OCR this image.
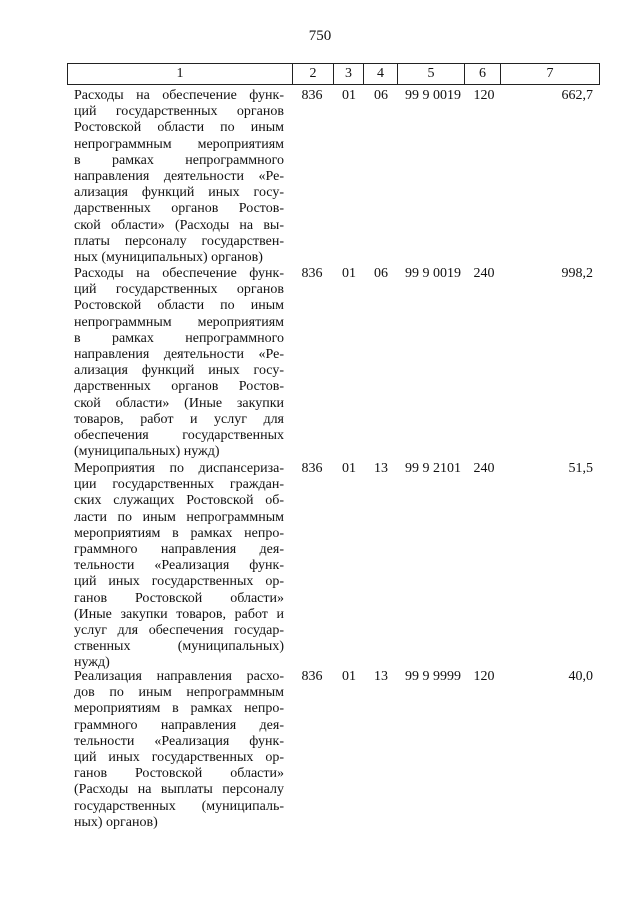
750
1	2	3	4	5	6	7
Расходы на обеспечение функ-
ций государственных органов
Ростовской области по иным
непрограммным мероприятиям
в рамках непрограммного
направления деятельности «Ре-
ализация функций иных госу-
дарственных органов Ростов-
ской области» (Расходы на вы-
платы персоналу государствен-
ных (муниципальных) органов)
836	01	06	99 9 0019 120	662,7
Расходы на обеспечение функ-
ций государственных органов
Ростовской области по иным
непрограммным мероприятиям
в рамках непрограммного
направления деятельности «Ре-
ализация функций иных госу-
дарственных органов Ростов-
ской области» (Иные закупки
товаров, работ и услуг для
обеспечения государственных
(муниципальных) нужд)
836	01	06	99 9 0019 240	998,2
Мероприятия по диспансериза-
ции государственных граждан-
ских служащих Ростовской об-
ласти по иным непрограммным
мероприятиям в рамках непро-
граммного направления дея-
тельности «Реализация функ-
ций иных государственных ор-
ганов Ростовской области»
(Иные закупки товаров, работ и
услуг для обеспечения государ-
ственных (муниципальных)
нужд)
836	01	13	99 9 2101 240	51,5
Реализация направления расхо-
дов по иным непрограммным
мероприятиям в рамках непро-
граммного направления дея-
тельности «Реализация функ-
ций иных государственных ор-
ганов Ростовской области»
(Расходы на выплаты персоналу
государственных (муниципаль-
ных) органов)
836	01	13	99 9 9999 120	40,0
